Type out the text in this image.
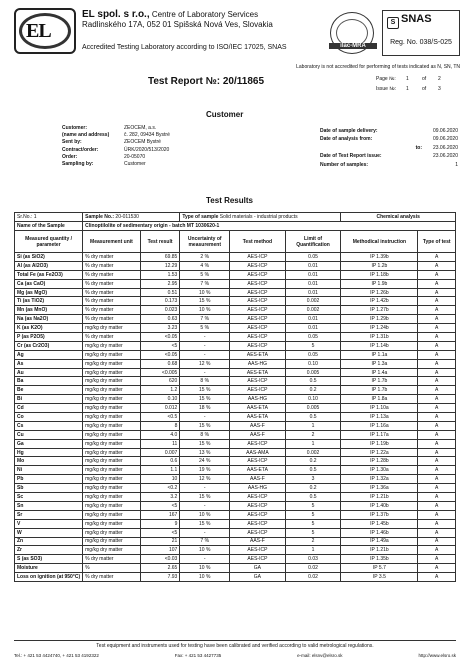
EL
EL spol. s r.o., Centre of Laboratory Services
Radlinského 17A, 052 01 Spišská Nová Ves, Slovakia
Accredited Testing Laboratory according to ISO/IEC 17025, SNAS	ilac-MRA
S SNAS
Reg. No. 038/S-025
Laboratory is not accredited for performing of tests indicated as N, SN, TN
Test Report №: 20/11865	Page №: 1	of 2
Issue №: 1	of 3
Customer
Customer:	ZEOCEM, a.s.
(name and address)	č. 282, 09434 Bystré
Sent by:	ZEOCEM Bystré
Contract/order:	ÚRK/2020/513/2020
Order:	20-05070
Sampling by:	Customer
Date of sample delivery:	09.06.2020
Date of analysis from:	09.06.2020
to:	23.06.2020
Date of Test Report issue:	23.06.2020
Number of samples:	1
Test Results
Sr.No.: 1	Sample No.: 20-011530		Type of sample Solid materials - industrial products			Chemical analysis	
Name of the Sample	Clinoptilolite of sedimentary origin - batch MT 1030620-1						
Measured quantity / parameter	Measurement unit	Test result	Uncertainty of measurement	Test method	Limit of Quantification	Methodical instruction	Type of test
Si (as SiO2)	% dry matter	69.85	2 %	AES-ICP	0.05	IP 1.39b	A
Al (as Al2O3)	% dry matter	12.29	4 %	AES-ICP	0.01	IP 1.2b	A
Total Fe (as Fe2O3)	% dry matter	1.53	5 %	AES-ICP	0.01	IP 1.18b	A
Ca (as CaO)	% dry matter	2.95	7 %	AES-ICP	0.01	IP 1.9b	A
Mg (as MgO)	% dry matter	0.51	10 %	AES-ICP	0.01	IP 1.26b	A
Ti (as TiO2)	% dry matter	0.173	15 %	AES-ICP	0.002	IP 1.42b	A
Mn (as MnO)	% dry matter	0.023	10 %	AES-ICP	0.002	IP 1.27b	A
Na (as Na2O)	% dry matter	0.63	7 %	AES-ICP	0.01	IP 1.29b	A
K (as K2O)	mg/kg dry matter	3.23	5 %	AES-ICP	0.01	IP 1.24b	A
P (as P2O5)	% dry matter	<0.05	-	AES-ICP	0.05	IP 1.31b	A
Cr (as Cr2O3)	mg/kg dry matter	<5	-	AES-ICP	5	IP 1.14b	A
Ag	mg/kg dry matter	<0.05	-	AES-ETA	0.05	IP 1.1a	A
As	mg/kg dry matter	0.68	12 %	AAS-HG	0.10	IP 1.3a	A
Au	mg/kg dry matter	<0.005	-	AES-ETA	0.005	IP 1.4a	A
Ba	mg/kg dry matter	620	8 %	AES-ICP	0.5	IP 1.7b	A
Be	mg/kg dry matter	1.2	15 %	AES-ICP	0.2	IP 1.7b	A
Bi	mg/kg dry matter	0.10	15 %	AAS-HG	0.10	IP 1.8a	A
Cd	mg/kg dry matter	0.012	18 %	AAS-ETA	0.005	IP 1.10a	A
Co	mg/kg dry matter	<0.5	-	AAS-ETA	0.5	IP 1.13a	A
Cs	mg/kg dry matter	8	15 %	AAS-F	1	IP 1.16a	A
Cu	mg/kg dry matter	4.0	8 %	AAS-F	2	IP 1.17a	A
Ga	mg/kg dry matter	11	15 %	AES-ICP	1	IP 1.19b	A
Hg	mg/kg dry matter	0.007	13 %	AAS-AMA	0.002	IP 1.22a	A
Mo	mg/kg dry matter	0.6	24 %	AES-ICP	0.2	IP 1.28b	A
Ni	mg/kg dry matter	1.1	19 %	AAS-ETA	0.5	IP 1.30a	A
Pb	mg/kg dry matter	10	12 %	AAS-F	3	IP 1.32a	A
Sb	mg/kg dry matter	<0.2	-	AAS-HG	0.2	IP 1.36a	A
Sc	mg/kg dry matter	3.2	15 %	AES-ICP	0.5	IP 1.21b	A
Sn	mg/kg dry matter	<5	-	AES-ICP	5	IP 1.40b	A
Sr	mg/kg dry matter	167	10 %	AES-ICP	5	IP 1.37b	A
V	mg/kg dry matter	9	15 %	AES-ICP	5	IP 1.45b	A
W	mg/kg dry matter	<5	-	AES-ICP	5	IP 1.46b	A
Zn	mg/kg dry matter	21	7 %	AAS-F	2	IP 1.49a	A
Zr	mg/kg dry matter	107	10 %	AES-ICP	1	IP 1.21b	A
S (as SO3)	% dry matter	<0.03	-	AES-ICP	0.03	IP 1.35b	A
Moisture	%	2.65	10 %	GA	0.02	IP 5.7	A
Loss on ignition (at 950°C)	% dry matter	7.93	10 %	GA	0.02	IP 3.5	A
Test equipment and instruments used for testing have been calibrated and verified according to valid metrological regulations.
Tel.: + 421 53 4424740, + 421 53 4192322	Fax: + 421 53 4427735	e-mail: elsnv@elsro.sk	http://www.elsro.sk
